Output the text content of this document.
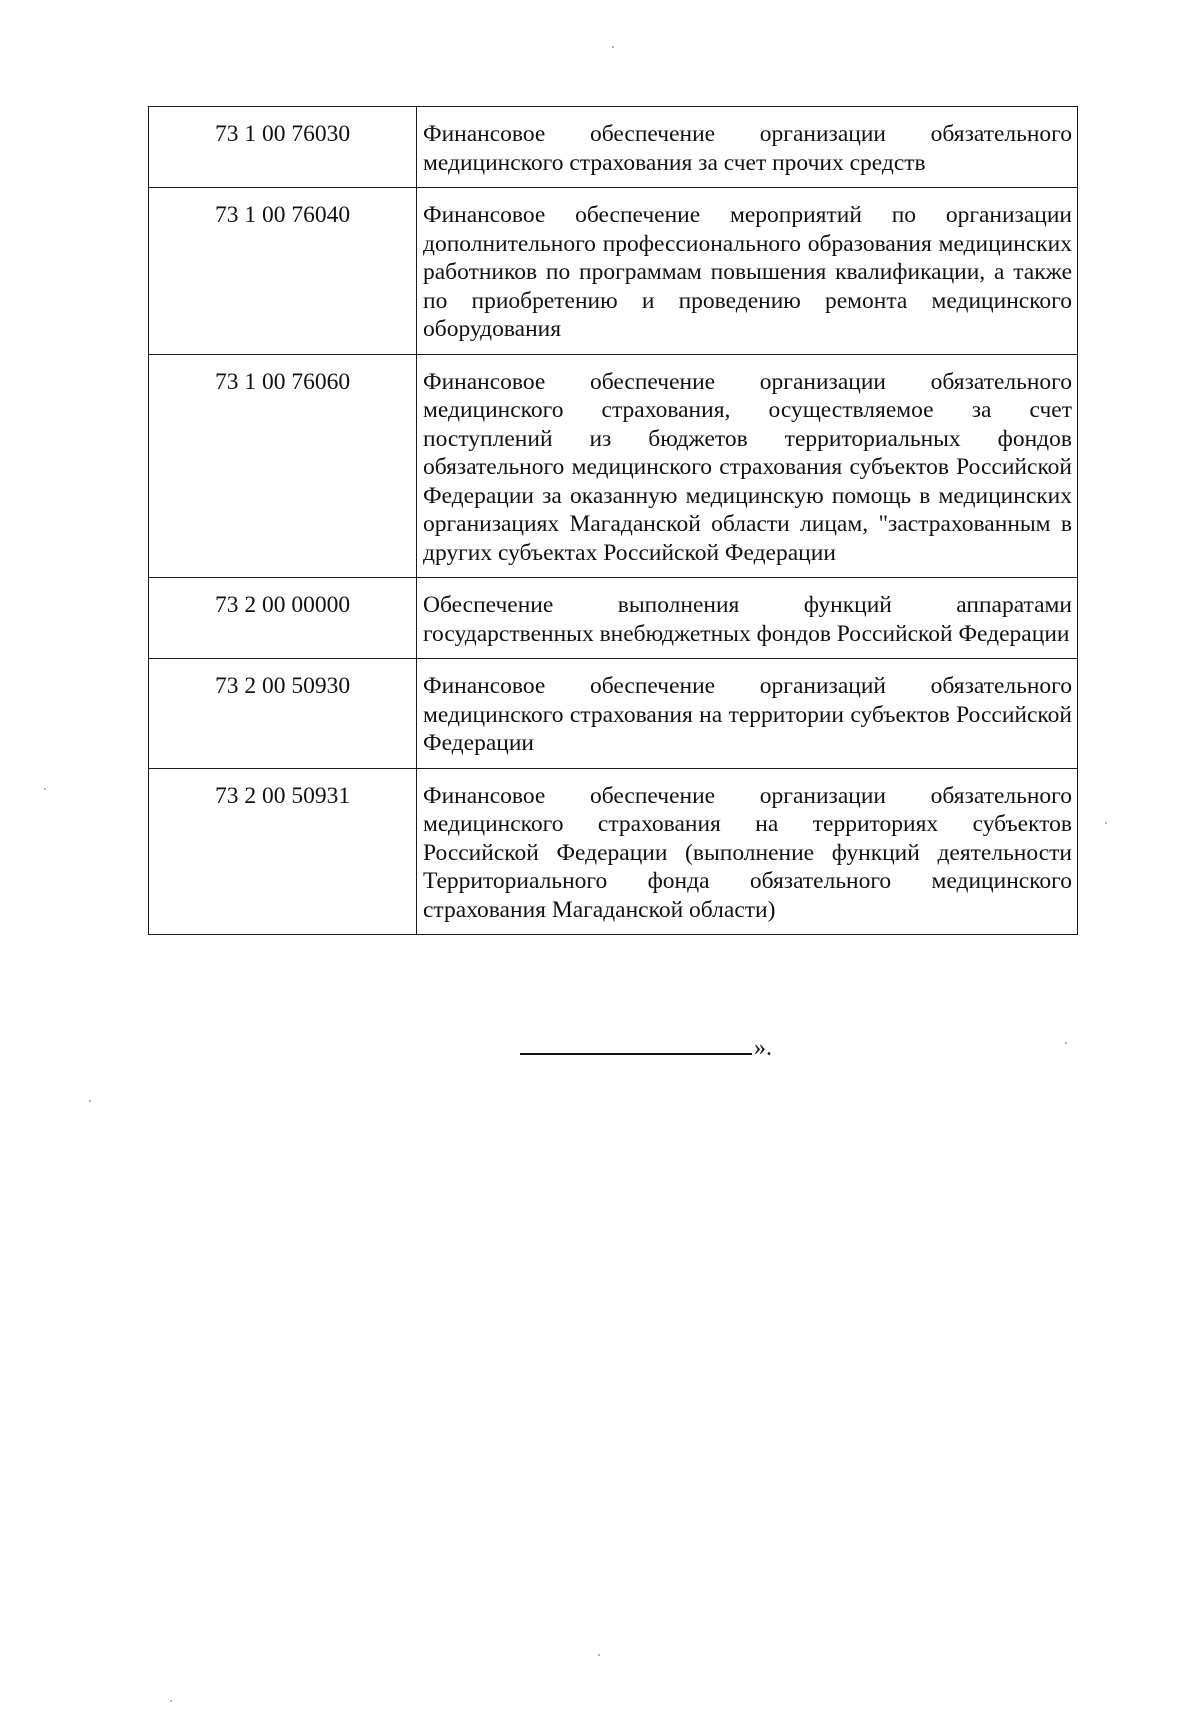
73 1 00 76030	Финансовое обеспечение организации обязательного медицинского страхования за счет прочих средств
73 1 00 76040	Финансовое обеспечение мероприятий по организации дополнительного профессионального образования медицинских работников по программам повышения квалификации, а также по приобретению и проведению ремонта медицинского оборудования
73 1 00 76060	Финансовое обеспечение организации обязательного медицинского страхования, осуществляемое за счет поступлений из бюджетов территориальных фондов обязательного медицинского страхования субъектов Российской Федерации за оказанную медицинскую помощь в медицинских организациях Магаданской области лицам, "застрахованным в других субъектах Российской Федерации
73 2 00 00000	Обеспечение выполнения функций аппаратами государственных внебюджетных фондов Российской Федерации
73 2 00 50930	Финансовое обеспечение организаций обязательного медицинского страхования на территории субъектов Российской Федерации
73 2 00 50931	Финансовое обеспечение организации обязательного медицинского страхования на территориях субъектов Российской Федерации (выполнение функций деятельности Территориального фонда обязательного медицинского страхования Магаданской области)
».
